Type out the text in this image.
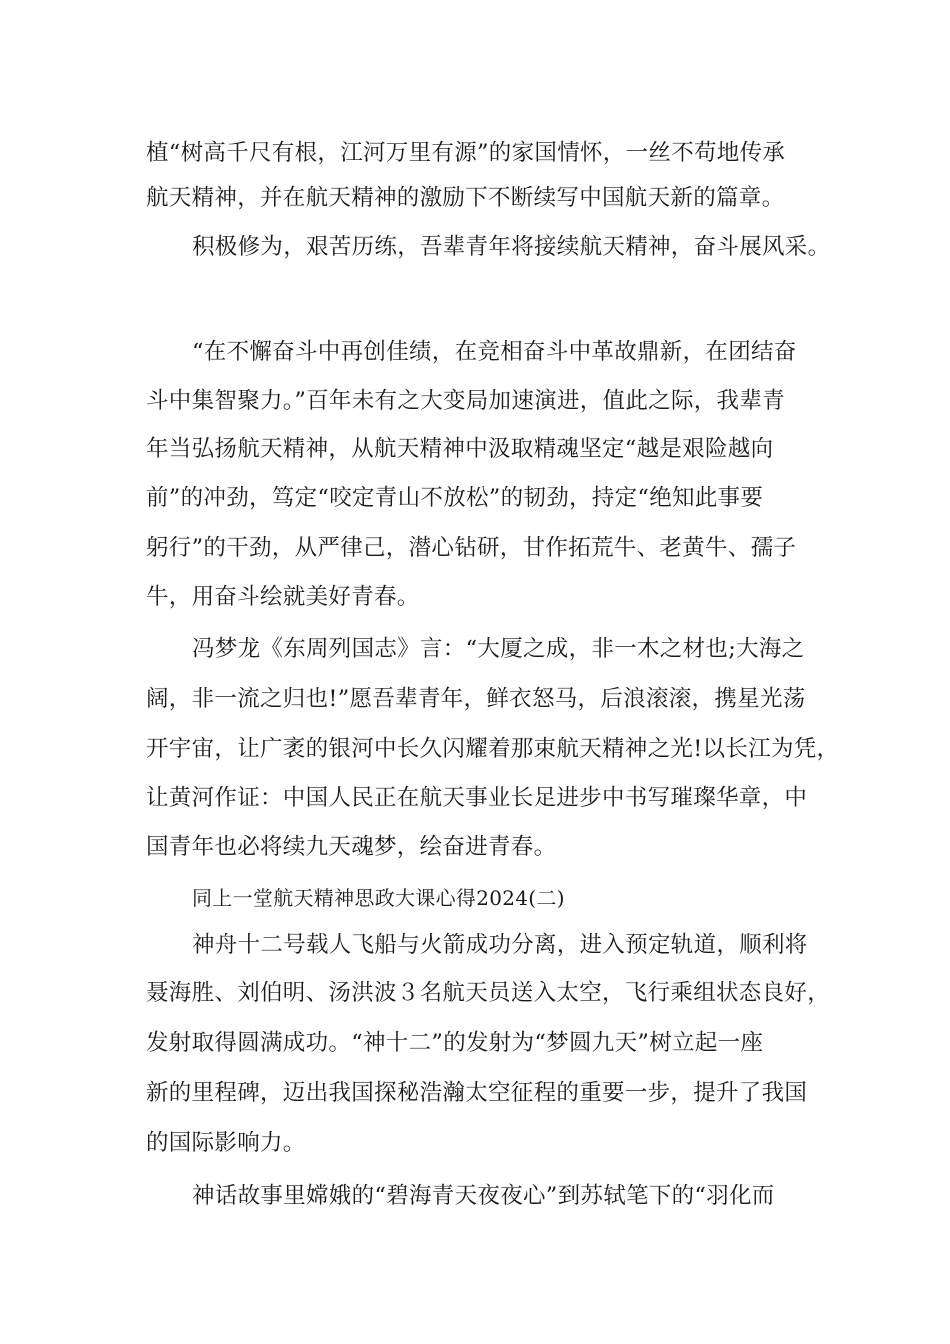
植“树高千尺有根，江河万里有源”的家国情怀，一丝不苟地传承

航天精神，并在航天精神的激励下不断续写中国航天新的篇章。

积极修为，艰苦历练，吾辈青年将接续航天精神，奋斗展风采。

“在不懈奋斗中再创佳绩，在竞相奋斗中革故鼎新，在团结奋

斗中集智聚力。”百年未有之大变局加速演进，值此之际，我辈青

年当弘扬航天精神，从航天精神中汲取精魂坚定“越是艰险越向

前”的冲劲，笃定“咬定青山不放松”的韧劲，持定“绝知此事要

躬行”的干劲，从严律己，潜心钻研，甘作拓荒牛、老黄牛、孺子

牛，用奋斗绘就美好青春。

冯梦龙《东周列国志》言：“大厦之成，非一木之材也;大海之

阔，非一流之归也!”愿吾辈青年，鲜衣怒马，后浪滚滚，携星光荡

开宇宙，让广袤的银河中长久闪耀着那束航天精神之光!以长江为凭，

让黄河作证：中国人民正在航天事业长足进步中书写璀璨华章，中

国青年也必将续九天魂梦，绘奋进青春。

同上一堂航天精神思政大课心得2024(二)

神舟十二号载人飞船与火箭成功分离，进入预定轨道，顺利将

聂海胜、刘伯明、汤洪波３名航天员送入太空，飞行乘组状态良好，

发射取得圆满成功。“神十二”的发射为“梦圆九天”树立起一座

新的里程碑，迈出我国探秘浩瀚太空征程的重要一步，提升了我国

的国际影响力。

神话故事里嫦娥的“碧海青天夜夜心”到苏轼笔下的“羽化而
